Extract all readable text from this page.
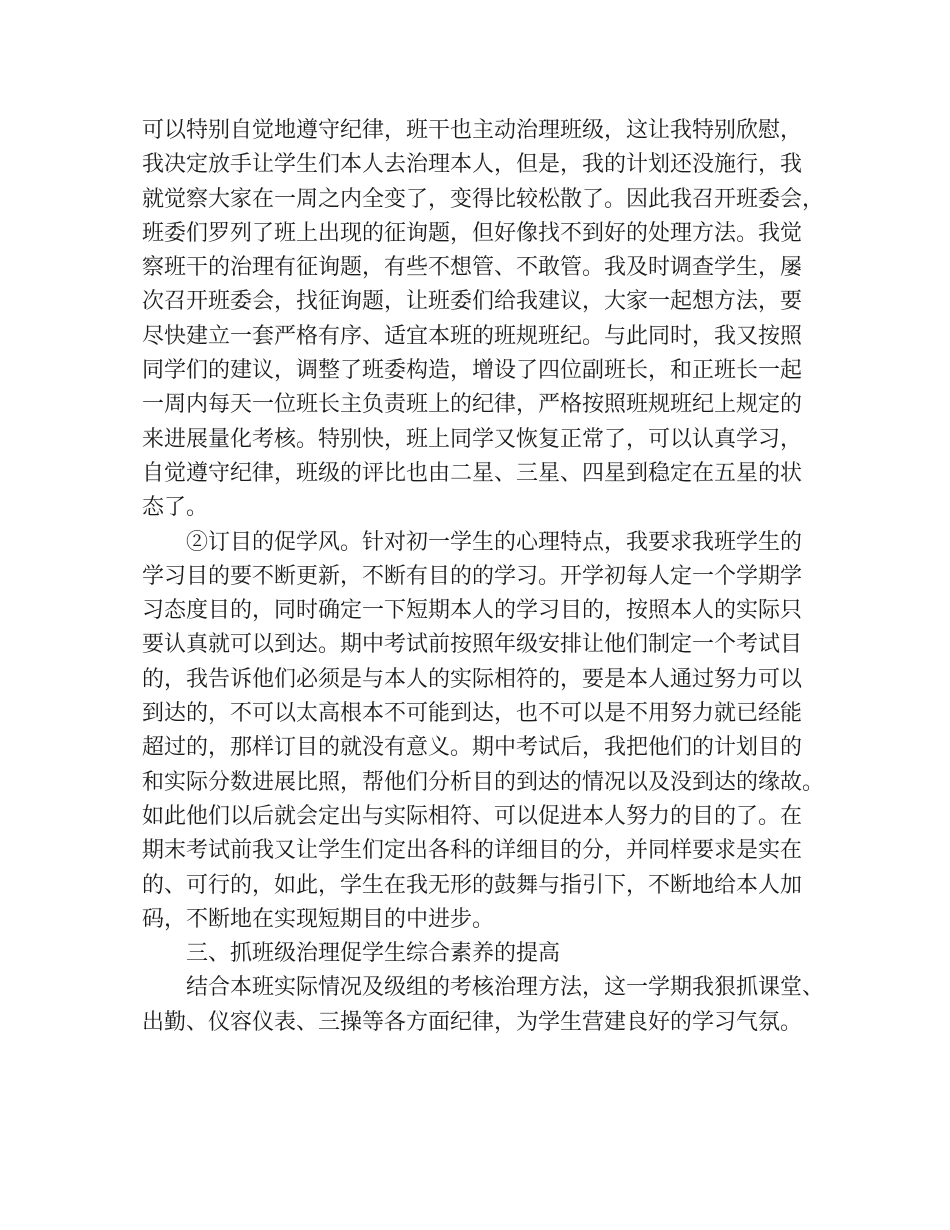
可以特别自觉地遵守纪律，班干也主动治理班级，这让我特别欣慰，
我决定放手让学生们本人去治理本人，但是，我的计划还没施行，我
就觉察大家在一周之内全变了，变得比较松散了。因此我召开班委会，
班委们罗列了班上出现的征询题，但好像找不到好的处理方法。我觉
察班干的治理有征询题，有些不想管、不敢管。我及时调查学生，屡
次召开班委会，找征询题，让班委们给我建议，大家一起想方法，要
尽快建立一套严格有序、适宜本班的班规班纪。与此同时，我又按照
同学们的建议，调整了班委构造，增设了四位副班长，和正班长一起
一周内每天一位班长主负责班上的纪律，严格按照班规班纪上规定的
来进展量化考核。特别快，班上同学又恢复正常了，可以认真学习，
自觉遵守纪律，班级的评比也由二星、三星、四星到稳定在五星的状
态了。
②订目的促学风。针对初一学生的心理特点，我要求我班学生的
学习目的要不断更新，不断有目的的学习。开学初每人定一个学期学
习态度目的，同时确定一下短期本人的学习目的，按照本人的实际只
要认真就可以到达。期中考试前按照年级安排让他们制定一个考试目
的，我告诉他们必须是与本人的实际相符的，要是本人通过努力可以
到达的，不可以太高根本不可能到达，也不可以是不用努力就已经能
超过的，那样订目的就没有意义。期中考试后，我把他们的计划目的
和实际分数进展比照，帮他们分析目的到达的情况以及没到达的缘故。
如此他们以后就会定出与实际相符、可以促进本人努力的目的了。在
期末考试前我又让学生们定出各科的详细目的分，并同样要求是实在
的、可行的，如此，学生在我无形的鼓舞与指引下，不断地给本人加
码，不断地在实现短期目的中进步。
三、抓班级治理促学生综合素养的提高
结合本班实际情况及级组的考核治理方法，这一学期我狠抓课堂、
出勤、仪容仪表、三操等各方面纪律，为学生营建良好的学习气氛。
